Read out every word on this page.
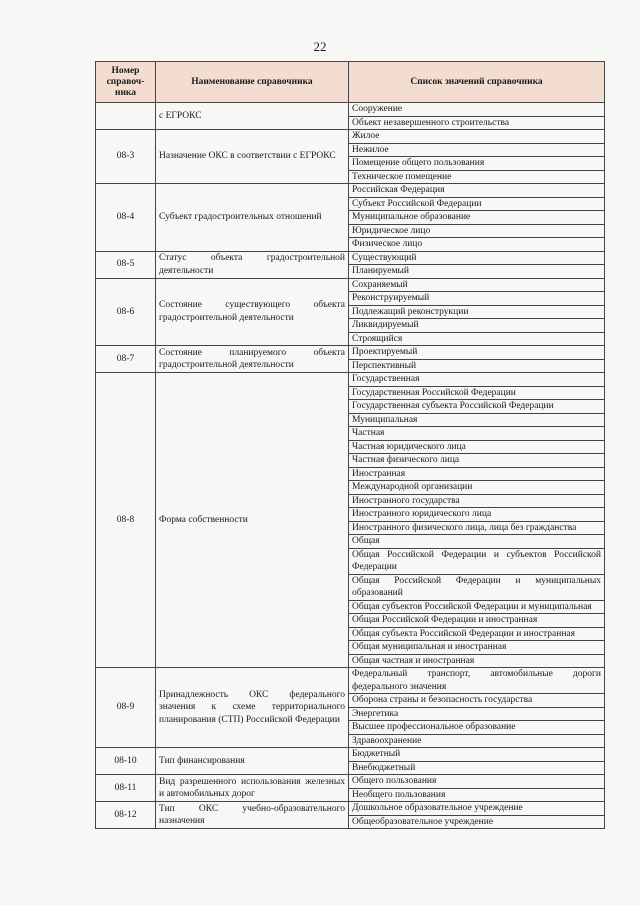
22
Номер справоч-ника	Наименование справочника	Список значений справочника
	с ЕГРОКС	Сооружение
		Объект незавершенного строительства
08-3	Назначение ОКС в соответствии с ЕГРОКС	Жилое
		Нежилое
		Помещение общего пользования
		Техническое помещение
08-4	Субъект градостроительных отношений	Российская Федерация
		Субъект Российской Федерации
		Муниципальное образование
		Юридическое лицо
		Физическое лицо
08-5	Статус объекта градостроительной деятельности	Существующий
		Планируемый
08-6	Состояние существующего объекта градостроительной деятельности	Сохраняемый
		Реконструируемый
		Подлежащий реконструкции
		Ликвидируемый
		Строящийся
08-7	Состояние планируемого объекта градостроительной деятельности	Проектируемый
		Перспективный
08-8	Форма собственности	Государственная
		Государственная Российской Федерации
		Государственная субъекта Российской Федерации
		Муниципальная
		Частная
		Частная юридического лица
		Частная физического лица
		Иностранная
		Международной организации
		Иностранного государства
		Иностранного юридического лица
		Иностранного физического лица, лица без гражданства
		Общая
		Общая Российской Федерации и субъектов Российской Федерации
		Общая Российской Федерации и муниципальных образований
		Общая субъектов Российской Федерации и муниципальная
		Общая Российской Федерации и иностранная
		Общая субъекта Российской Федерации и иностранная
		Общая муниципальная и иностранная
		Общая частная и иностранная
08-9	Принадлежность ОКС федерального значения к схеме территориального планирования (СТП) Российской Федерации	Федеральный транспорт, автомобильные дороги федерального значения
		Оборона страны и безопасность государства
		Энергетика
		Высшее профессиональное образование
		Здравоохранение
08-10	Тип финансирования	Бюджетный
		Внебюджетный
08-11	Вид разрешенного использования железных и автомобильных дорог	Общего пользования
		Необщего пользования
08-12	Тип ОКС учебно-образовательного назначения	Дошкольное образовательное учреждение
		Общеобразовательное учреждение
